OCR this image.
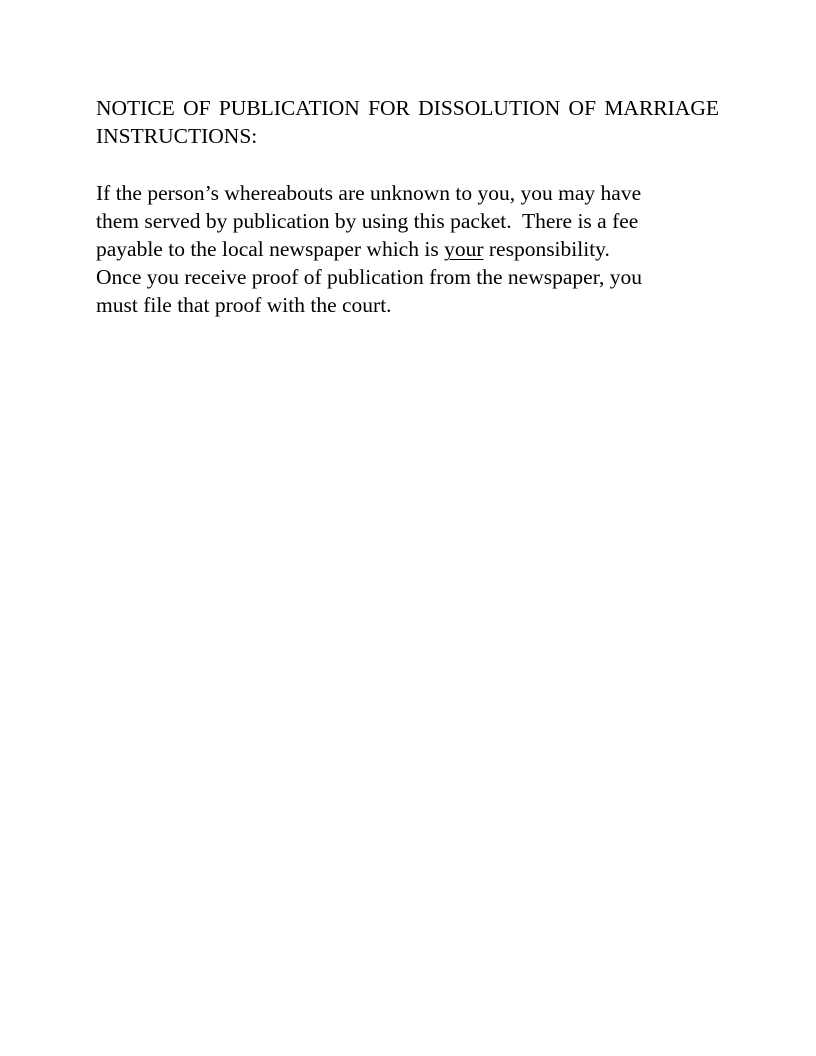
NOTICE OF PUBLICATION FOR DISSOLUTION OF MARRIAGE INSTRUCTIONS:

If the person’s whereabouts are unknown to you, you may have
them served by publication by using this packet.  There is a fee
payable to the local newspaper which is your responsibility.
Once you receive proof of publication from the newspaper, you
must file that proof with the court.
